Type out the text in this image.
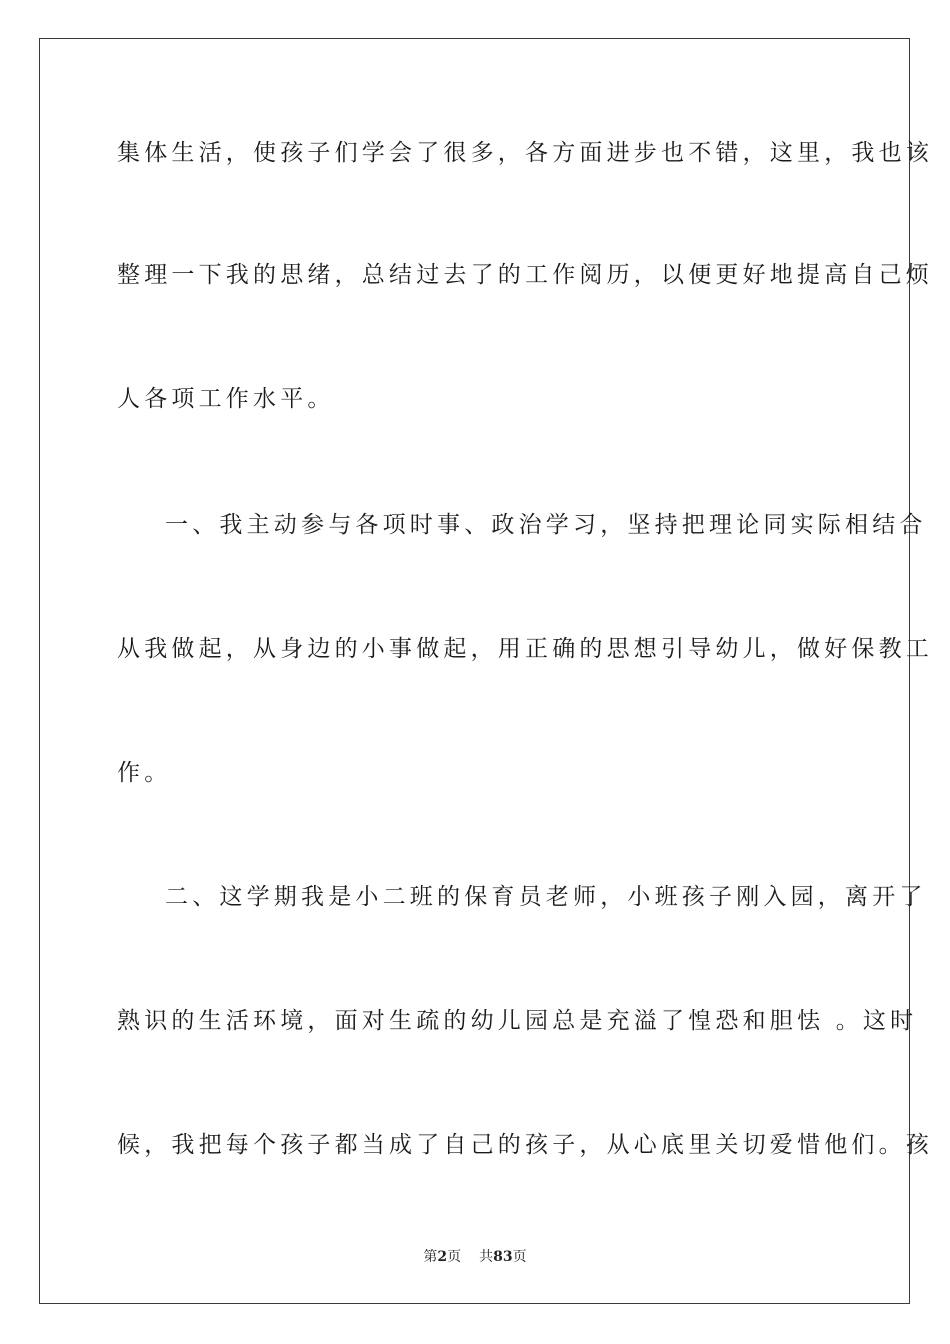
集体生活，使孩子们学会了很多，各方面进步也不错，这里，我也该
整理一下我的思绪，总结过去了的工作阅历，以便更好地提高自己烦
人各项工作水平。
一、我主动参与各项时事、政治学习，坚持把理论同实际相结合
从我做起，从身边的小事做起，用正确的思想引导幼儿，做好保教工
作。
二、这学期我是小二班的保育员老师，小班孩子刚入园，离开了
熟识的生活环境，面对生疏的幼儿园总是充溢了惶恐和胆怯 。这时
候，我把每个孩子都当成了自己的孩子，从心底里关切爱惜他们。孩
第2页 共83页
